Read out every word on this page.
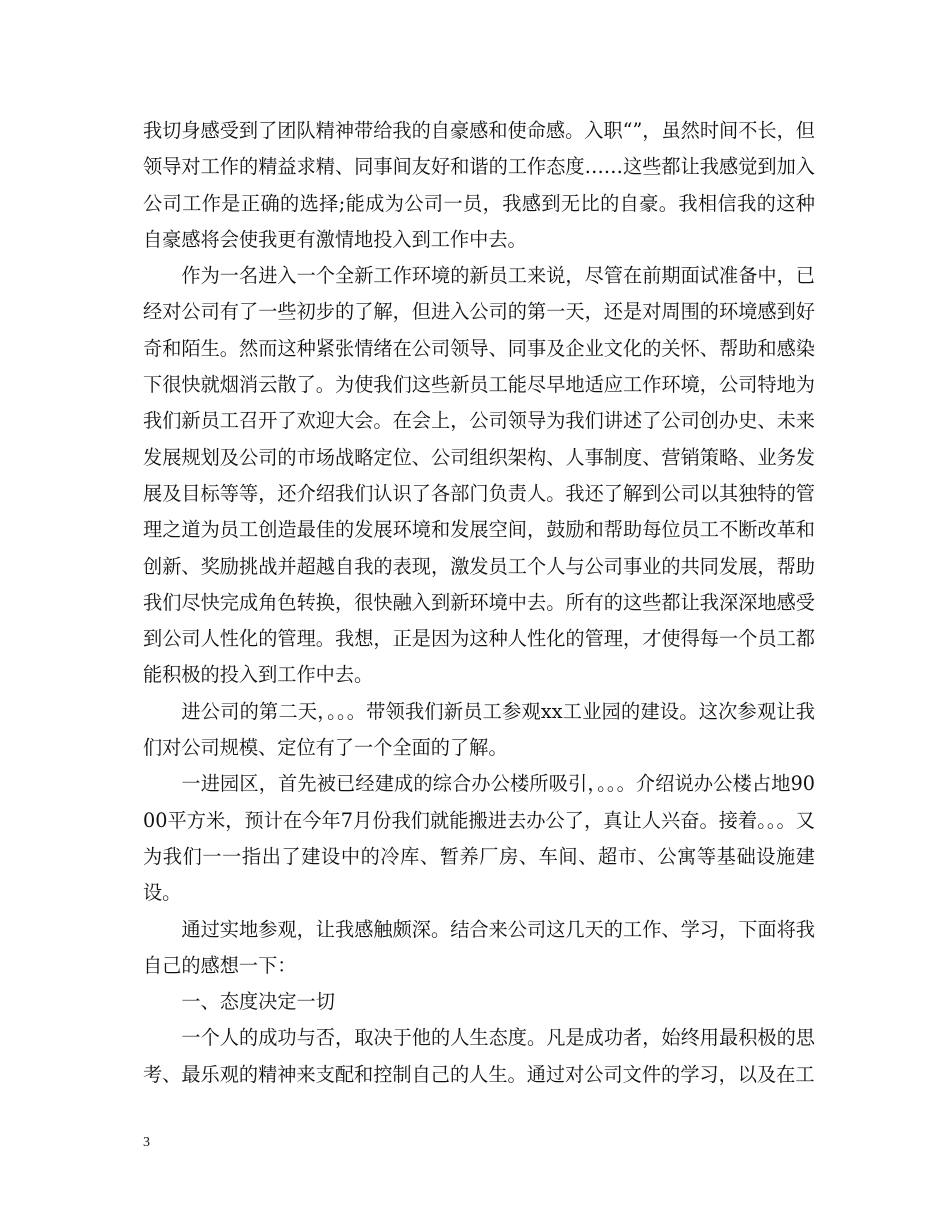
我切身感受到了团队精神带给我的自豪感和使命感。入职“”，虽然时间不长，但领导对工作的精益求精、同事间友好和谐的工作态度……这些都让我感觉到加入公司工作是正确的选择;能成为公司一员，我感到无比的自豪。我相信我的这种自豪感将会使我更有激情地投入到工作中去。

作为一名进入一个全新工作环境的新员工来说，尽管在前期面试准备中，已经对公司有了一些初步的了解，但进入公司的第一天，还是对周围的环境感到好奇和陌生。然而这种紧张情绪在公司领导、同事及企业文化的关怀、帮助和感染下很快就烟消云散了。为使我们这些新员工能尽早地适应工作环境，公司特地为我们新员工召开了欢迎大会。在会上，公司领导为我们讲述了公司创办史、未来发展规划及公司的市场战略定位、公司组织架构、人事制度、营销策略、业务发展及目标等等，还介绍我们认识了各部门负责人。我还了解到公司以其独特的管理之道为员工创造最佳的发展环境和发展空间，鼓励和帮助每位员工不断改革和创新、奖励挑战并超越自我的表现，激发员工个人与公司事业的共同发展，帮助我们尽快完成角色转换，很快融入到新环境中去。所有的这些都让我深深地感受到公司人性化的管理。我想，正是因为这种人性化的管理，才使得每一个员工都能积极的投入到工作中去。

进公司的第二天，。。。带领我们新员工参观xx工业园的建设。这次参观让我们对公司规模、定位有了一个全面的了解。

一进园区，首先被已经建成的综合办公楼所吸引，。。。介绍说办公楼占地9000平方米，预计在今年7月份我们就能搬进去办公了，真让人兴奋。接着。。。又为我们一一指出了建设中的冷库、暂养厂房、车间、超市、公寓等基础设施建设。

通过实地参观，让我感触颇深。结合来公司这几天的工作、学习，下面将我自己的感想一下：

一、态度决定一切

一个人的成功与否，取决于他的人生态度。凡是成功者，始终用最积极的思考、最乐观的精神来支配和控制自己的人生。通过对公司文件的学习，以及在工

3
